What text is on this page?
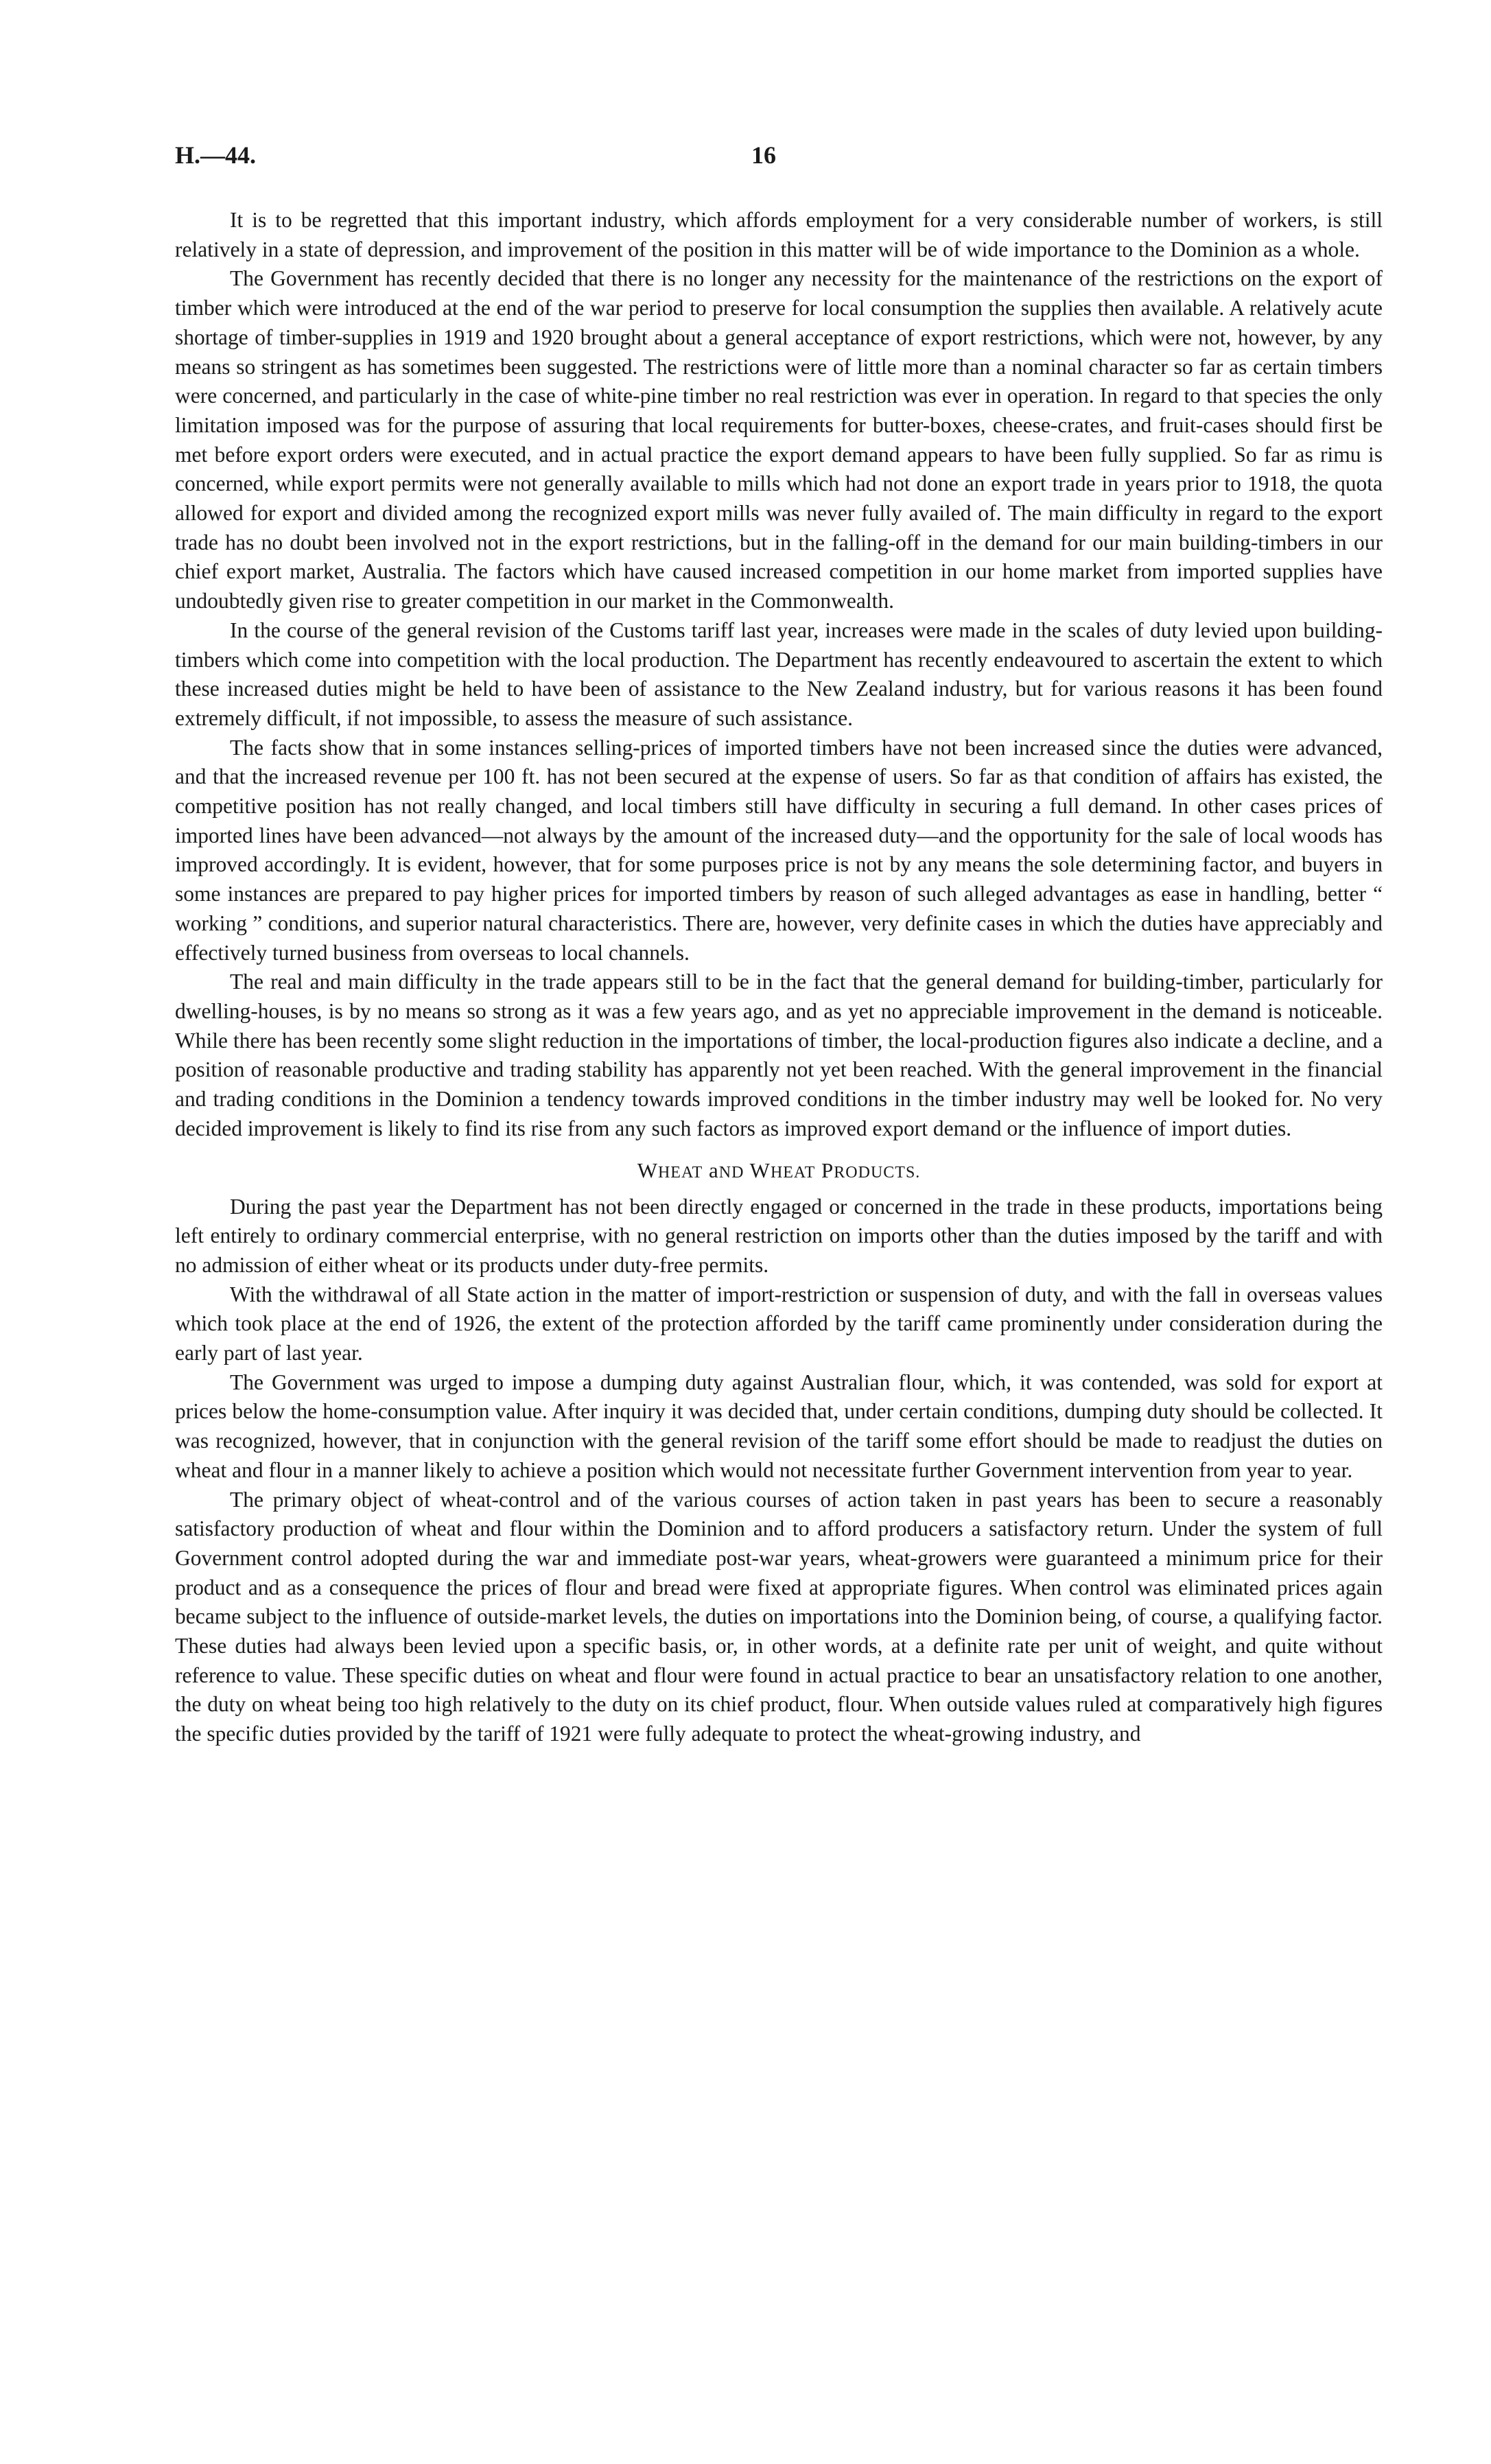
H.—44.	16

It is to be regretted that this important industry, which affords employment for a very considerable number of workers, is still relatively in a state of depression, and improvement of the position in this matter will be of wide importance to the Dominion as a whole.

The Government has recently decided that there is no longer any necessity for the maintenance of the restrictions on the export of timber which were introduced at the end of the war period to preserve for local consumption the supplies then available. A relatively acute shortage of timber-supplies in 1919 and 1920 brought about a general acceptance of export restrictions, which were not, however, by any means so stringent as has sometimes been suggested. The restrictions were of little more than a nominal character so far as certain timbers were concerned, and particularly in the case of white-pine timber no real restriction was ever in operation. In regard to that species the only limitation imposed was for the purpose of assuring that local requirements for butter-boxes, cheese-crates, and fruit-cases should first be met before export orders were executed, and in actual practice the export demand appears to have been fully supplied. So far as rimu is concerned, while export permits were not generally available to mills which had not done an export trade in years prior to 1918, the quota allowed for export and divided among the recognized export mills was never fully availed of. The main difficulty in regard to the export trade has no doubt been involved not in the export restrictions, but in the falling-off in the demand for our main building-timbers in our chief export market, Australia. The factors which have caused increased competition in our home market from imported supplies have undoubtedly given rise to greater competition in our market in the Commonwealth.

In the course of the general revision of the Customs tariff last year, increases were made in the scales of duty levied upon building-timbers which come into competition with the local production. The Department has recently endeavoured to ascertain the extent to which these increased duties might be held to have been of assistance to the New Zealand industry, but for various reasons it has been found extremely difficult, if not impossible, to assess the measure of such assistance.

The facts show that in some instances selling-prices of imported timbers have not been increased since the duties were advanced, and that the increased revenue per 100 ft. has not been secured at the expense of users. So far as that condition of affairs has existed, the competitive position has not really changed, and local timbers still have difficulty in securing a full demand. In other cases prices of imported lines have been advanced—not always by the amount of the increased duty—and the opportunity for the sale of local woods has improved accordingly. It is evident, however, that for some purposes price is not by any means the sole determining factor, and buyers in some instances are prepared to pay higher prices for imported timbers by reason of such alleged advantages as ease in handling, better “ working ” conditions, and superior natural characteristics. There are, however, very definite cases in which the duties have appreciably and effectively turned business from overseas to local channels.

The real and main difficulty in the trade appears still to be in the fact that the general demand for building-timber, particularly for dwelling-houses, is by no means so strong as it was a few years ago, and as yet no appreciable improvement in the demand is noticeable. While there has been recently some slight reduction in the importations of timber, the local-production figures also indicate a decline, and a position of reasonable productive and trading stability has apparently not yet been reached. With the general improvement in the financial and trading conditions in the Dominion a tendency towards improved conditions in the timber industry may well be looked for. No very decided improvement is likely to find its rise from any such factors as improved export demand or the influence of import duties.

WHEAT aND WHEAT PRODUCTS.

During the past year the Department has not been directly engaged or concerned in the trade in these products, importations being left entirely to ordinary commercial enterprise, with no general restriction on imports other than the duties imposed by the tariff and with no admission of either wheat or its products under duty-free permits.

With the withdrawal of all State action in the matter of import-restriction or suspension of duty, and with the fall in overseas values which took place at the end of 1926, the extent of the protection afforded by the tariff came prominently under consideration during the early part of last year.

The Government was urged to impose a dumping duty against Australian flour, which, it was contended, was sold for export at prices below the home-consumption value. After inquiry it was decided that, under certain conditions, dumping duty should be collected. It was recognized, however, that in conjunction with the general revision of the tariff some effort should be made to readjust the duties on wheat and flour in a manner likely to achieve a position which would not necessitate further Government intervention from year to year.

The primary object of wheat-control and of the various courses of action taken in past years has been to secure a reasonably satisfactory production of wheat and flour within the Dominion and to afford producers a satisfactory return. Under the system of full Government control adopted during the war and immediate post-war years, wheat-growers were guaranteed a minimum price for their product and as a consequence the prices of flour and bread were fixed at appropriate figures. When control was eliminated prices again became subject to the influence of outside-market levels, the duties on importations into the Dominion being, of course, a qualifying factor. These duties had always been levied upon a specific basis, or, in other words, at a definite rate per unit of weight, and quite without reference to value. These specific duties on wheat and flour were found in actual practice to bear an unsatisfactory relation to one another, the duty on wheat being too high relatively to the duty on its chief product, flour. When outside values ruled at comparatively high figures the specific duties provided by the tariff of 1921 were fully adequate to protect the wheat-growing industry, and
